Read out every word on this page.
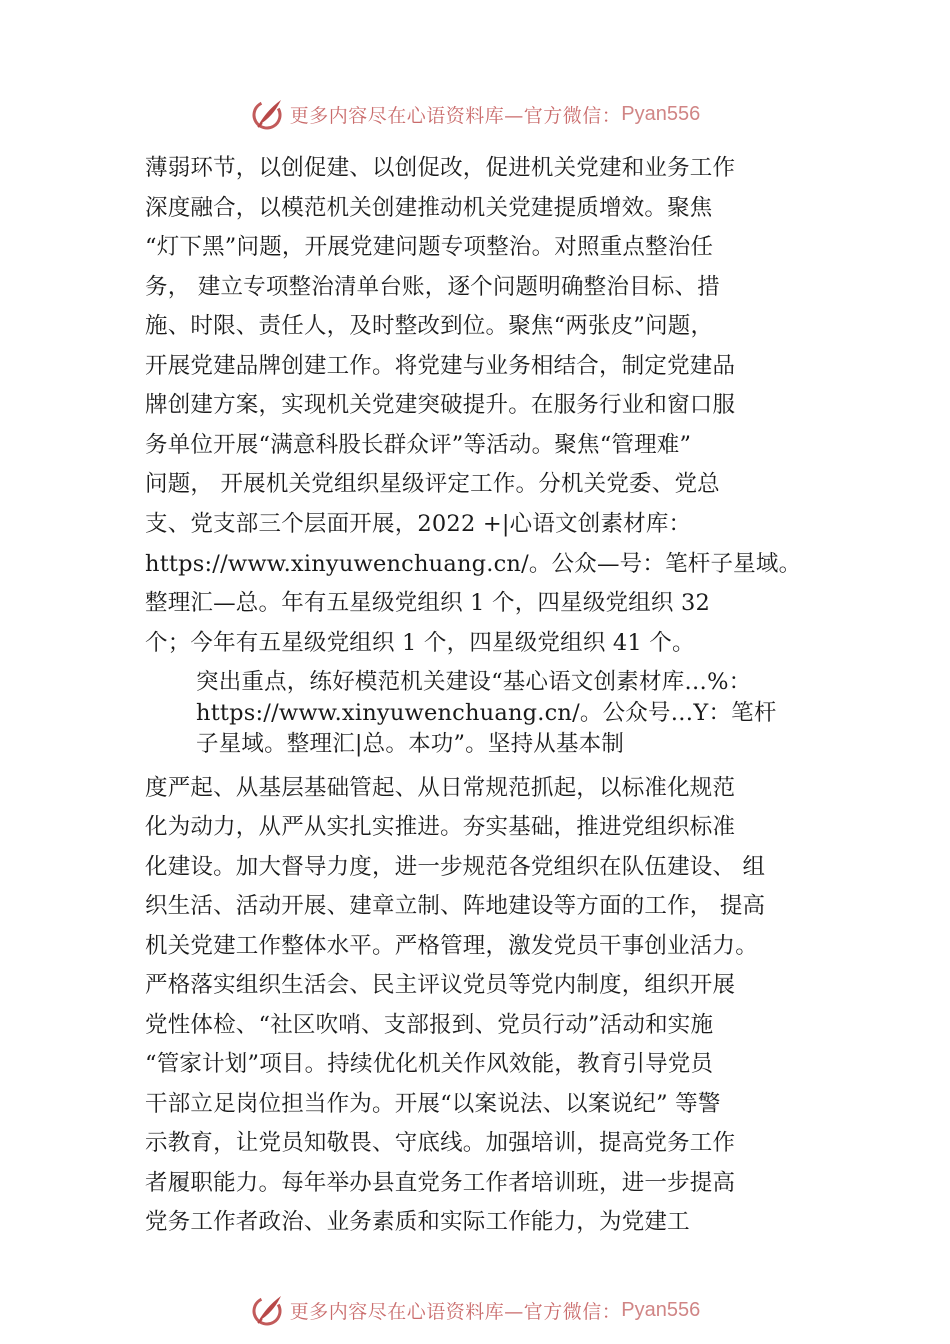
更多内容尽在心语资料库—官方微信： Pyan556
薄弱环节，以创促建、以创促改，促进机关党建和业务工作
深度融合，以模范机关创建推动机关党建提质增效。聚焦
“灯下黑”问题，开展党建问题专项整治。对照重点整治任
务， 建立专项整治清单台账，逐个问题明确整治目标、措
施、时限、责任人，及时整改到位。聚焦“两张皮”问题，
开展党建品牌创建工作。将党建与业务相结合，制定党建品
牌创建方案，实现机关党建突破提升。在服务行业和窗口服
务单位开展“满意科股长群众评”等活动。聚焦“管理难”
问题， 开展机关党组织星级评定工作。分机关党委、党总
支、党支部三个层面开展，2022 +|心语文创素材库：
https://www.xinyuwenchuang.cn/。公众—号：笔杆子星域。
整理汇—总。年有五星级党组织 1 个，四星级党组织 32
个；今年有五星级党组织 1 个，四星级党组织 41 个。
突出重点，练好模范机关建设“基心语文创素材库…%：
https://www.xinyuwenchuang.cn/。公众号…Y：笔杆
子星域。整理汇|总。本功”。坚持从基本制
度严起、从基层基础管起、从日常规范抓起，以标准化规范
化为动力，从严从实扎实推进。夯实基础，推进党组织标准
化建设。加大督导力度，进一步规范各党组织在队伍建设、 组
织生活、活动开展、建章立制、阵地建设等方面的工作， 提高
机关党建工作整体水平。严格管理，激发党员干事创业活力。
严格落实组织生活会、民主评议党员等党内制度，组织开展
党性体检、“社区吹哨、支部报到、党员行动”活动和实施
“管家计划”项目。持续优化机关作风效能，教育引导党员
干部立足岗位担当作为。开展“以案说法、以案说纪” 等警
示教育，让党员知敬畏、守底线。加强培训，提高党务工作
者履职能力。每年举办县直党务工作者培训班，进一步提高
党务工作者政治、业务素质和实际工作能力，为党建工
更多内容尽在心语资料库—官方微信： Pyan556
